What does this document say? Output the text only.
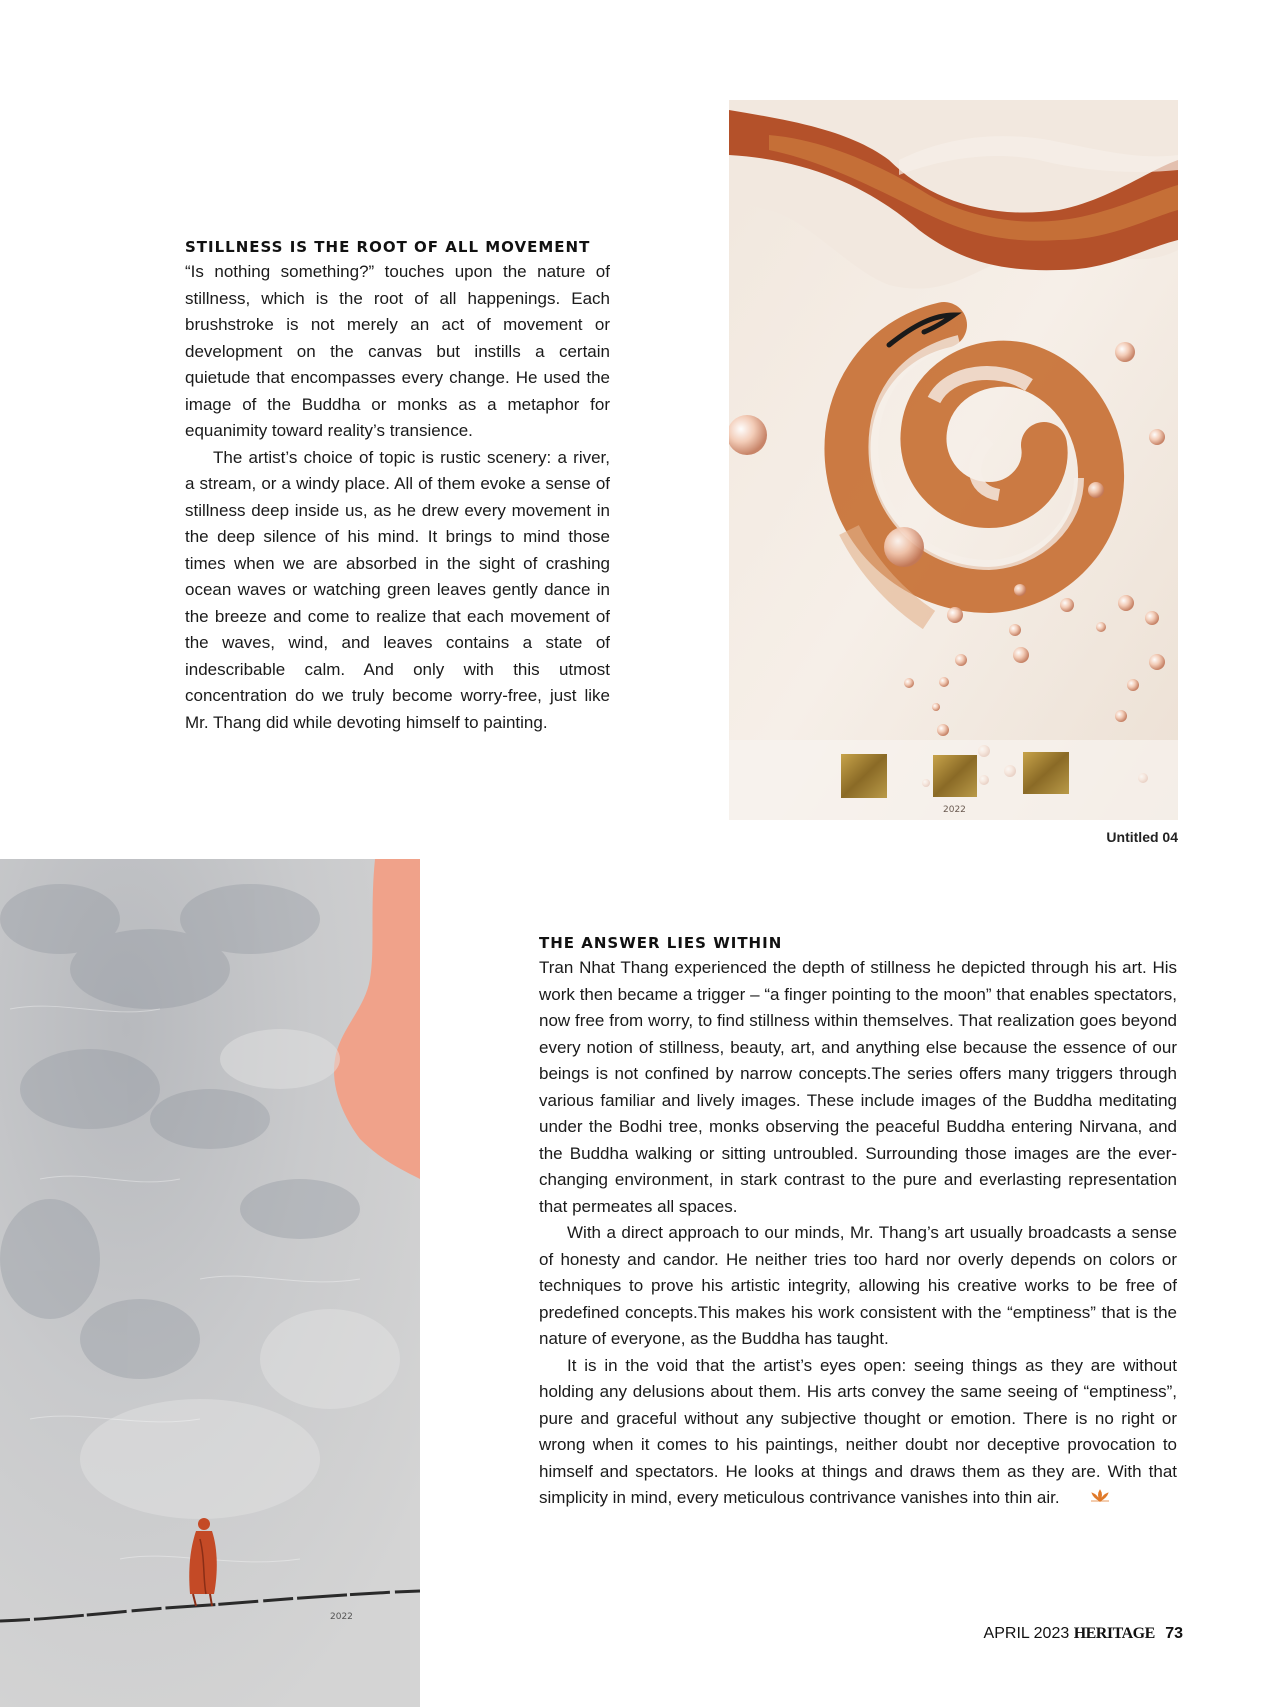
STILLNESS IS THE ROOT OF ALL MOVEMENT

“Is nothing something?” touches upon the nature of stillness, which is the root of all happenings. Each brushstroke is not merely an act of movement or development on the canvas but instills a certain quietude that encompasses every change. He used the image of the Buddha or monks as a metaphor for equanimity toward reality’s transience.

The artist’s choice of topic is rustic scenery: a river, a stream, or a windy place. All of them evoke a sense of stillness deep inside us, as he drew every movement in the deep silence of his mind. It brings to mind those times when we are absorbed in the sight of crashing ocean waves or watching green leaves gently dance in the breeze and come to realize that each movement of the waves, wind, and leaves contains a state of indescribable calm. And only with this utmost concentration do we truly become worry-free, just like Mr. Thang did while devoting himself to painting.

2022
Untitled 04
2022
THE ANSWER LIES WITHIN

Tran Nhat Thang experienced the depth of stillness he depicted through his art. His work then became a trigger – “a finger pointing to the moon” that enables spectators, now free from worry, to find stillness within themselves. That realization goes beyond every notion of stillness, beauty, art, and anything else because the essence of our beings is not confined by narrow concepts.The series offers many triggers through various familiar and lively images. These include images of the Buddha meditating under the Bodhi tree, monks observing the peaceful Buddha entering Nirvana, and the Buddha walking or sitting untroubled. Surrounding those images are the ever-changing environment, in stark contrast to the pure and everlasting representation that permeates all spaces.

With a direct approach to our minds, Mr. Thang’s art usually broadcasts a sense of honesty and candor. He neither tries too hard nor overly depends on colors or techniques to prove his artistic integrity, allowing his creative works to be free of predefined concepts.This makes his work consistent with the “emptiness” that is the nature of everyone, as the Buddha has taught.

It is in the void that the artist’s eyes open: seeing things as they are without holding any delusions about them. His arts convey the same seeing of “emptiness”, pure and graceful without any subjective thought or emotion. There is no right or wrong when it comes to his paintings, neither doubt nor deceptive provocation to himself and spectators. He looks at things and draws them as they are. With that simplicity in mind, every meticulous contrivance vanishes into thin air.

APRIL 2023 HERITAGE 73
